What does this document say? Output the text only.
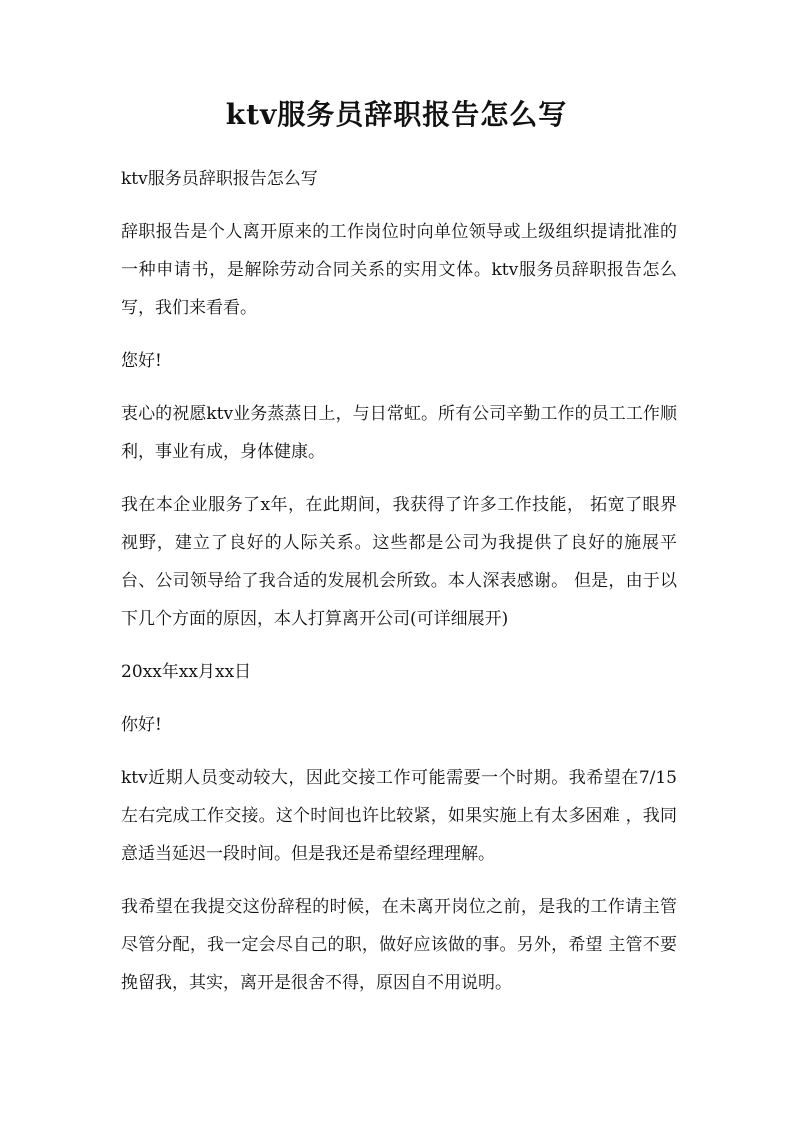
ktv服务员辞职报告怎么写

ktv服务员辞职报告怎么写

辞职报告是个人离开原来的工作岗位时向单位领导或上级组织提请批准的一种申请书，是解除劳动合同关系的实用文体。ktv服务员辞职报告怎么写，我们来看看。

您好!

衷心的祝愿ktv业务蒸蒸日上，与日常虹。所有公司辛勤工作的员工工作顺利，事业有成，身体健康。

我在本企业服务了x年，在此期间，我获得了许多工作技能， 拓宽了眼界视野，建立了良好的人际关系。这些都是公司为我提供了良好的施展平台、公司领导给了我合适的发展机会所致。本人深表感谢。 但是，由于以下几个方面的原因，本人打算离开公司(可详细展开)

20xx年xx月xx日

你好!

ktv近期人员变动较大，因此交接工作可能需要一个时期。我希望在7/15左右完成工作交接。这个时间也许比较紧，如果实施上有太多困难 ，我同意适当延迟一段时间。但是我还是希望经理理解。

我希望在我提交这份辞程的时候，在未离开岗位之前，是我的工作请主管尽管分配，我一定会尽自己的职，做好应该做的事。另外，希望 主管不要挽留我，其实，离开是很舍不得，原因自不用说明。
